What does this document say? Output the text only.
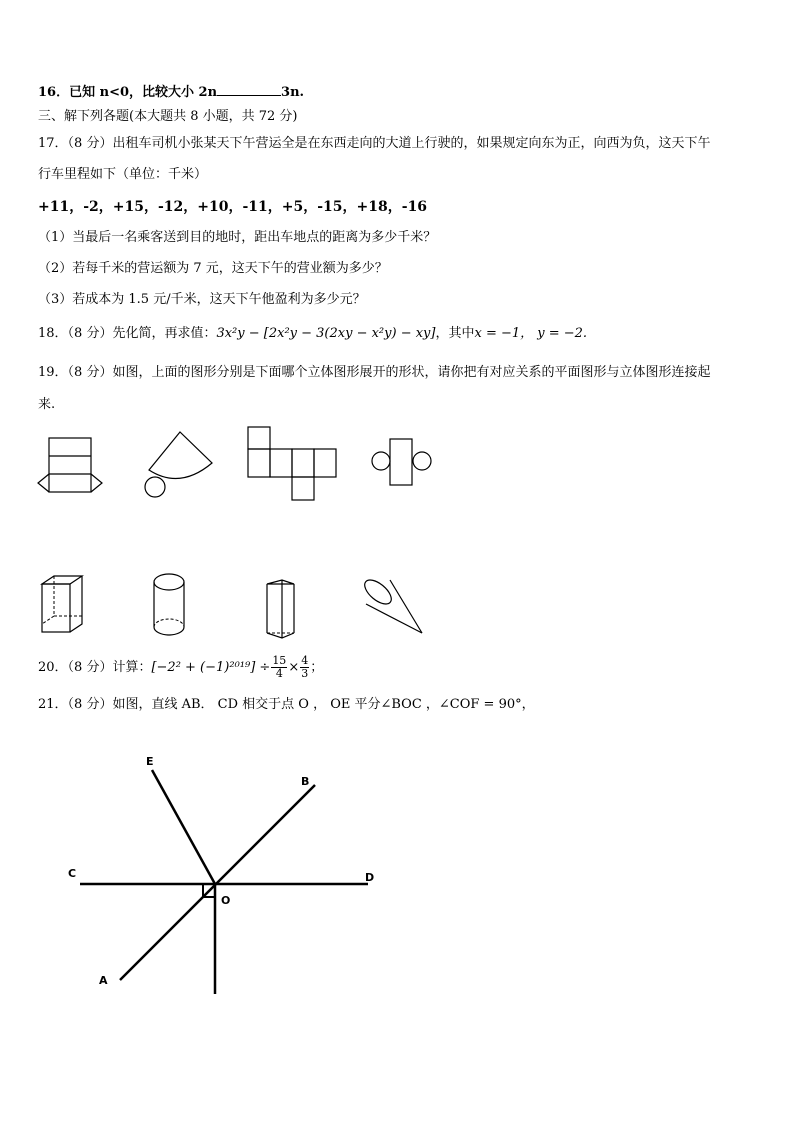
16．已知 n<0，比较大小 2n	3n.
三、解下列各题(本大题共 8 小题，共 72 分)
17．（8 分）出租车司机小张某天下午营运全是在东西走向的大道上行驶的，如果规定向东为正，向西为负，这天下午
行车里程如下（单位：千米）
+11，-2，+15，-12，+10，-11，+5，-15，+18，-16
（1）当最后一名乘客送到目的地时，距出车地点的距离为多少千米？
（2）若每千米的营运额为 7 元，这天下午的营业额为多少？
（3）若成本为 1.5 元/千米，这天下午他盈利为多少元？
18．（8 分）先化简，再求值：3x²y − [2x²y − 3(2xy − x²y) − xy]，其中x = −1， y = −2.
19．（8 分）如图，上面的图形分别是下面哪个立体图形展开的形状，请你把有对应关系的平面图形与立体图形连接起
来.
20．（8 分）计算：$[-2^2 + (-1)^{2019}] \div \frac{15}{4} \times \frac{4}{3}$ ；
21．（8 分）如图，直线 AB． CD 相交于点 O ， OE 平分∠BOC ，∠COF = 90°，
E
B
C	D
O
A
